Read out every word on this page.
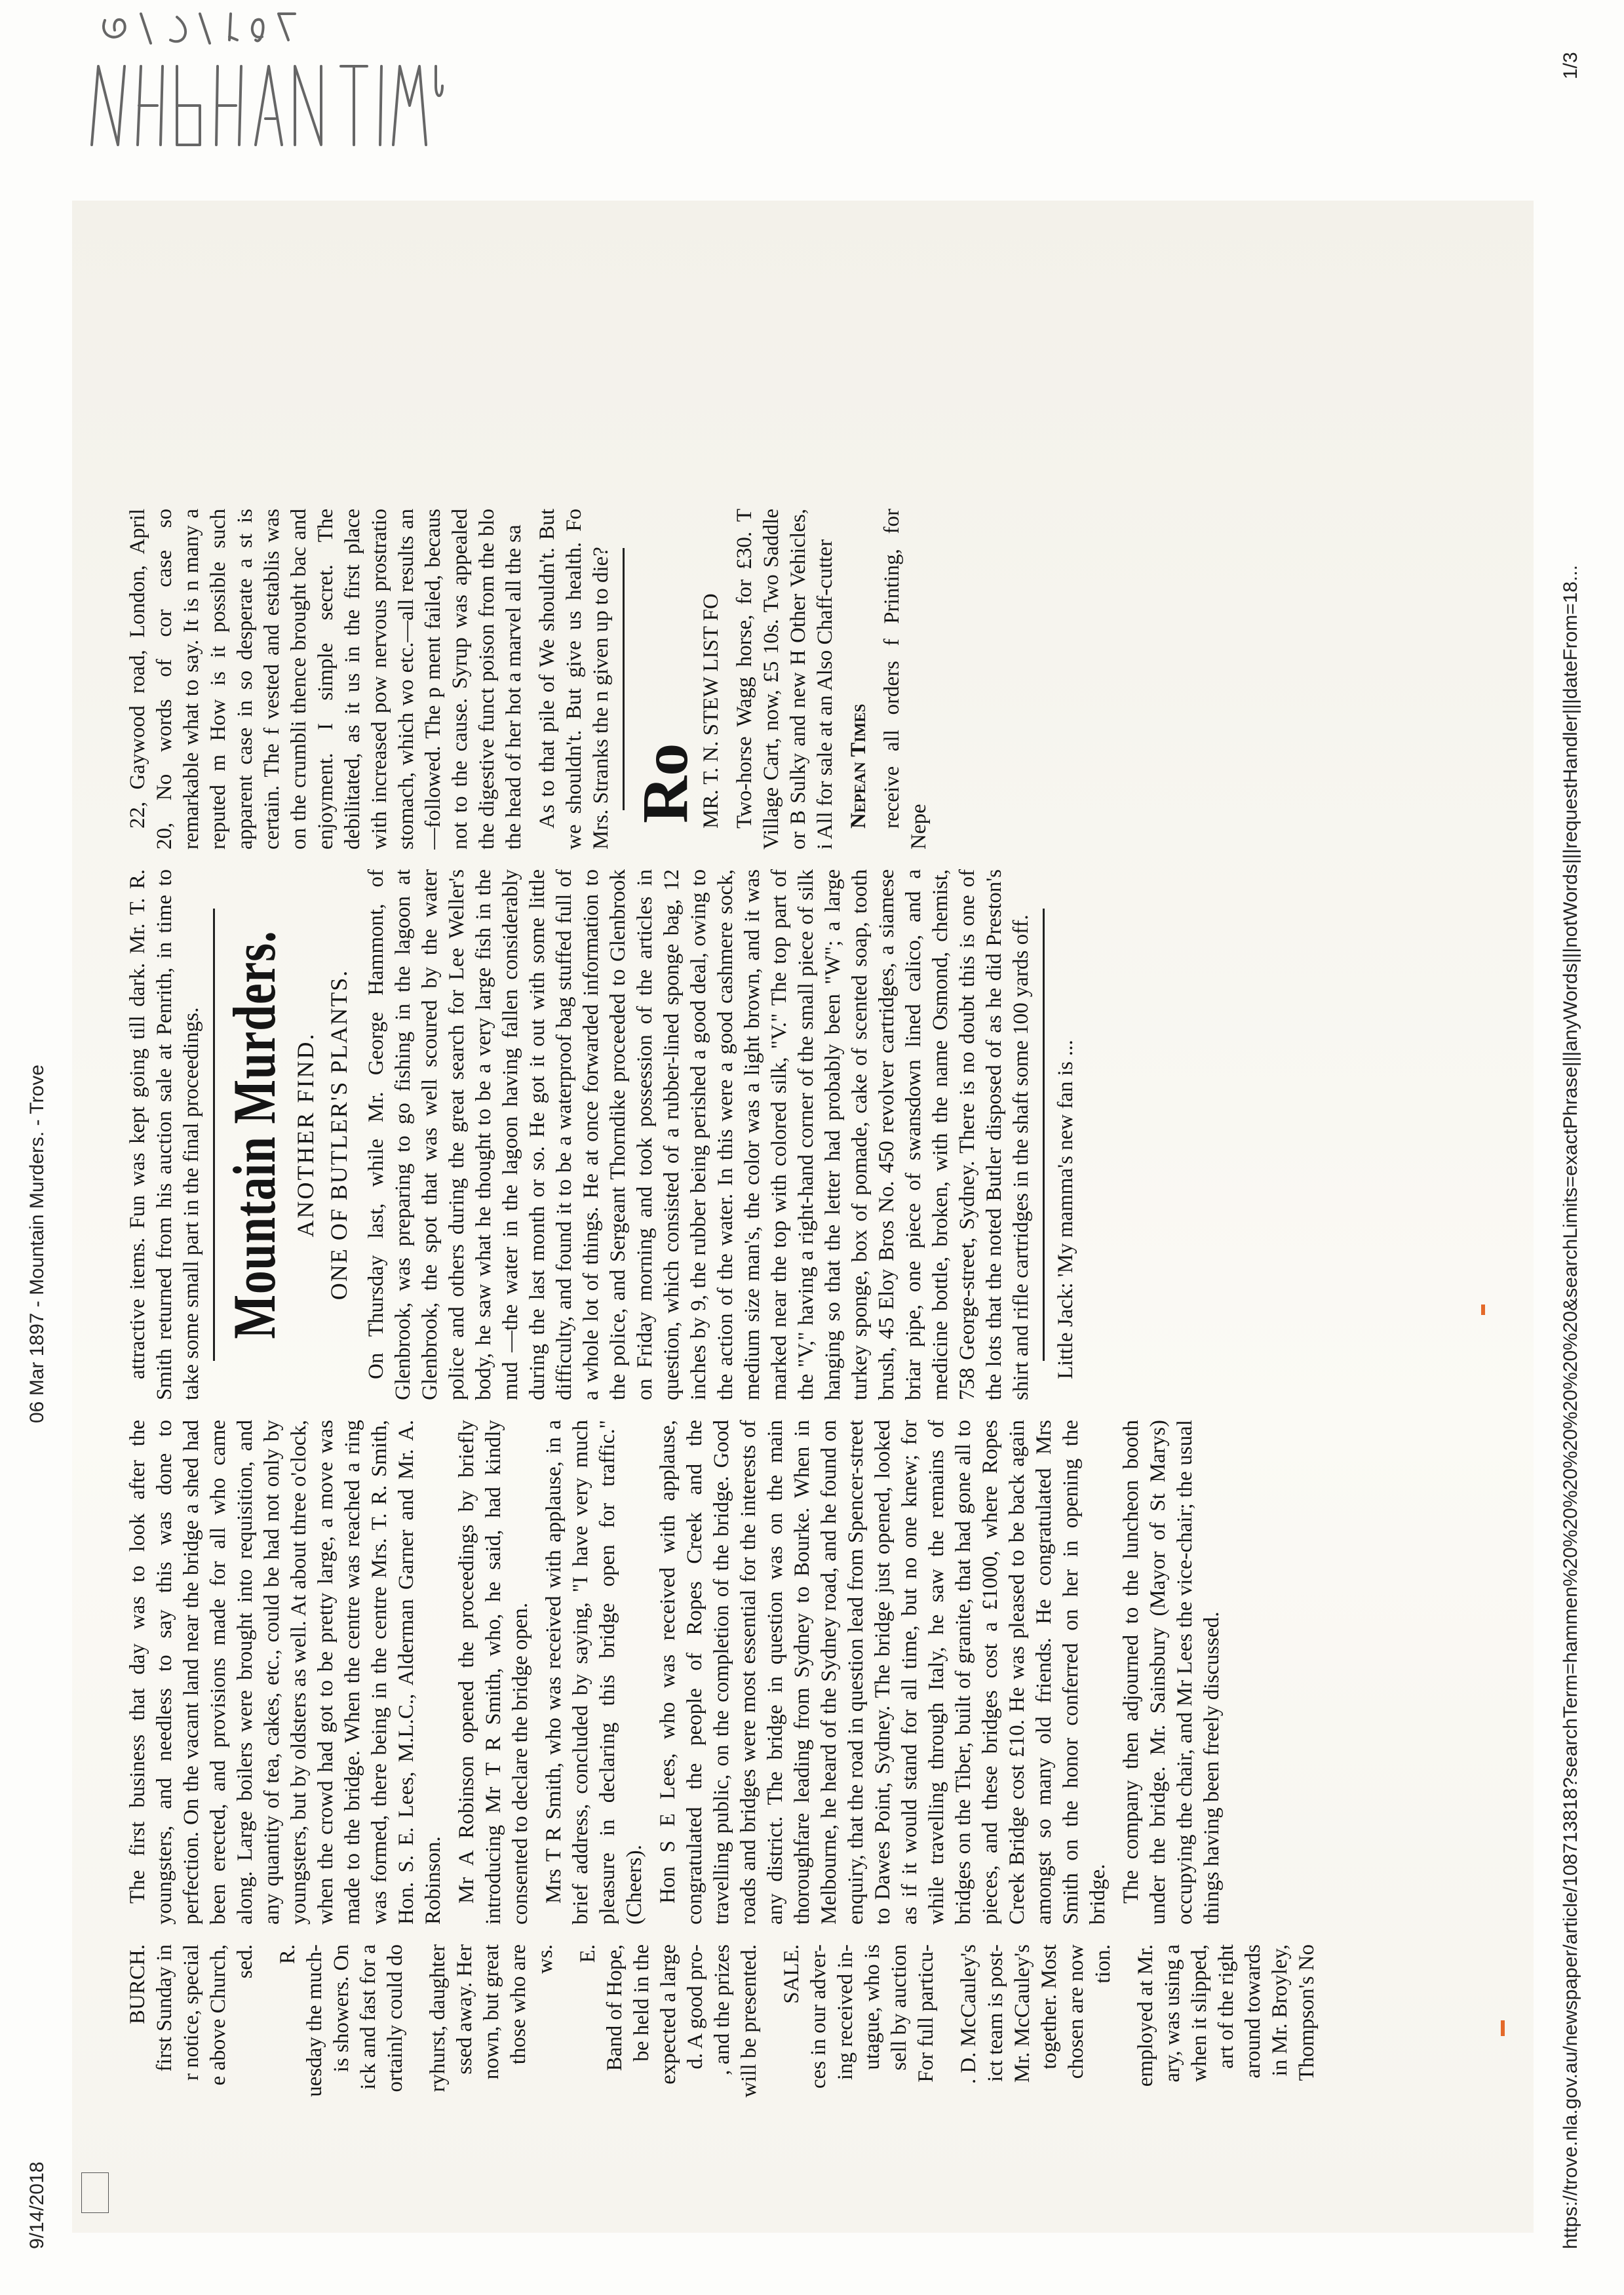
9/14/2018
06 Mar 1897 - Mountain Murders. - Trove
BURCH. first Sunday in r notice, special e above Church, sed. R. uesday the much- is showers. On ick and fast for a ortainly could do ryhurst, daughter ssed away. Her nown, but great those who are ws. E. Band of Hope, be held in the expected a large d. A good pro- , and the prizes will be presented. SALE. ces in our adver- ing received in- utague, who is sell by auction For full particu- . D. McCauley's ict team is post- Mr. McCauley's together. Most chosen are now tion. employed at Mr. ary, was using a when it slipped, art of the right around towards in Mr. Broyley, Thompson's No

The first business that day was to look after the youngsters, and needless to say this was done to perfection. On the vacant land near the bridge a shed had been erected, and provisions made for all who came along. Large boilers were brought into requisition, and any quantity of tea, cakes, etc., could be had not only by youngsters, but by oldsters as well. At about three o'clock, when the crowd had got to be pretty large, a move was made to the bridge. When the centre was reached a ring was formed, there being in the centre Mrs. T. R. Smith, Hon. S. E. Lees, M.L.C., Alderman Garner and Mr. A. Robinson. Mr A Robinson opened the proceedings by briefly introducing Mr T R Smith, who, he said, had kindly consented to declare the bridge open. Mrs T R Smith, who was received with applause, in a brief address, concluded by saying, "I have very much pleasure in declaring this bridge open for traffic." (Cheers). Hon S E Lees, who was received with applause, congratulated the people of Ropes Creek and the travelling public, on the completion of the bridge. Good roads and bridges were most essential for the interests of any district. The bridge in question was on the main thoroughfare leading from Sydney to Bourke. When in Melbourne, he heard of the Sydney road, and he found on enquiry, that the road in question lead from Spencer-street to Dawes Point, Sydney. The bridge just opened, looked as if it would stand for all time, but no one knew; for while travelling through Italy, he saw the remains of bridges on the Tiber, built of granite, that had gone all to pieces, and these bridges cost a £1000, where Ropes Creek Bridge cost £10. He was pleased to be back again amongst so many old friends. He congratulated Mrs Smith on the honor conferred on her in opening the bridge. The company then adjourned to the luncheon booth under the bridge. Mr. Sainsbury (Mayor of St Marys) occupying the chair, and Mr Lees the vice-chair; the usual things having been freely discussed.

attractive items. Fun was kept going till dark. Mr. T. R. Smith returned from his auction sale at Penrith, in time to take some small part in the final proceedings. Mountain Murders. ANOTHER FIND. ONE OF BUTLER'S PLANTS. On Thursday last, while Mr. George Hammont, of Glenbrook, was preparing to go fishing in the lagoon at Glenbrook, the spot that was well scoured by the water police and others during the great search for Lee Weller's body, he saw what he thought to be a very large fish in the mud —the water in the lagoon having fallen considerably during the last month or so. He got it out with some little difficulty, and found it to be a waterproof bag stuffed full of a whole lot of things. He at once forwarded information to the police, and Sergeant Thorndike proceeded to Glenbrook on Friday morning and took possession of the articles in question, which consisted of a rubber-lined sponge bag, 12 inches by 9, the rubber being perished a good deal, owing to the action of the water. In this were a good cashmere sock, medium size man's, the color was a light brown, and it was marked near the top with colored silk, "V." The top part of the "V," having a right-hand corner of the small piece of silk hanging so that the letter had probably been "W"; a large turkey sponge, box of pomade, cake of scented soap, tooth brush, 45 Eloy Bros No. 450 revolver cartridges, a siamese briar pipe, one piece of swansdown lined calico, and a medicine bottle, broken, with the name Osmond, chemist, 758 George-street, Sydney. There is no doubt this is one of the lots that the noted Butler disposed of as he did Preston's shirt and rifle cartridges in the shaft some 100 yards off. Little Jack: 'My mamma's new fan is ...

22, Gaywood road, London, April 20, No words of cor case so remarkable what to say. It is n many a reputed m How is it possible such apparent case in so desperate a st is certain. The f vested and establis was on the crumbli thence brought bac and enjoyment. I simple secret. The debilitated, as it us in the first place with increased pow nervous prostratio stomach, which wo etc.—all results an —followed. The p ment failed, becaus not to the cause. Syrup was appealed the digestive funct poison from the blo the head of her hot a marvel all the sa As to that pile of We shouldn't. But we shouldn't. But give us health. Fo Mrs. Stranks the n given up to die? Ro

MR. T. N. STEW LIST FO Two-horse Wagg horse, for £30. T Village Cart, now, £5 10s. Two Saddle or B Sulky and new H Other Vehicles, i All for sale at an Also Chaff-cutter Nepean Times receive all orders f Printing, for Nepe	https://trove.nla.gov.au/newspaper/article/108713818?searchTerm=hammen%20%20%20%20%20%20%20&searchLimits=exactPhrase|||anyWords|||notWords|||requestHandler|||dateFrom=18...
1/3
